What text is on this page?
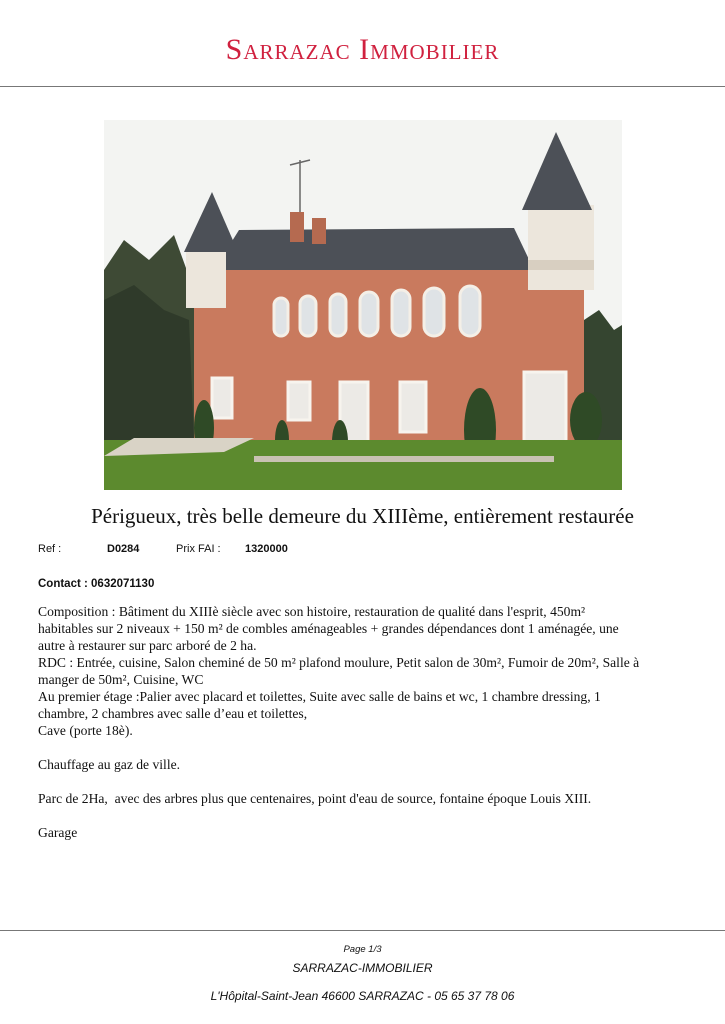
Sarrazac Immobilier
Périgueux, très belle demeure du XIIIème, entièrement restaurée
Ref :	D0284	Prix FAI : 1320000
Contact : 0632071130

Composition : Bâtiment du XIIIè siècle avec son histoire, restauration de qualité dans l'esprit, 450m²

habitables sur 2 niveaux + 150 m² de combles aménageables + grandes dépendances dont 1 aménagée, une

autre à restaurer sur parc arboré de 2 ha.

RDC : Entrée, cuisine, Salon cheminé de 50 m² plafond moulure, Petit salon de 30m², Fumoir de 20m², Salle à

manger de 50m², Cuisine, WC

Au premier étage :Palier avec placard et toilettes, Suite avec salle de bains et wc, 1 chambre dressing, 1

chambre, 2 chambres avec salle d’eau et toilettes,

Cave (porte 18è).

Chauffage au gaz de ville.

Parc de 2Ha,  avec des arbres plus que centenaires, point d'eau de source, fontaine époque Louis XIII.

Garage

Page 1/3
SARRAZAC-IMMOBILIER
L'Hôpital-Saint-Jean 46600 SARRAZAC - 05 65 37 78 06
